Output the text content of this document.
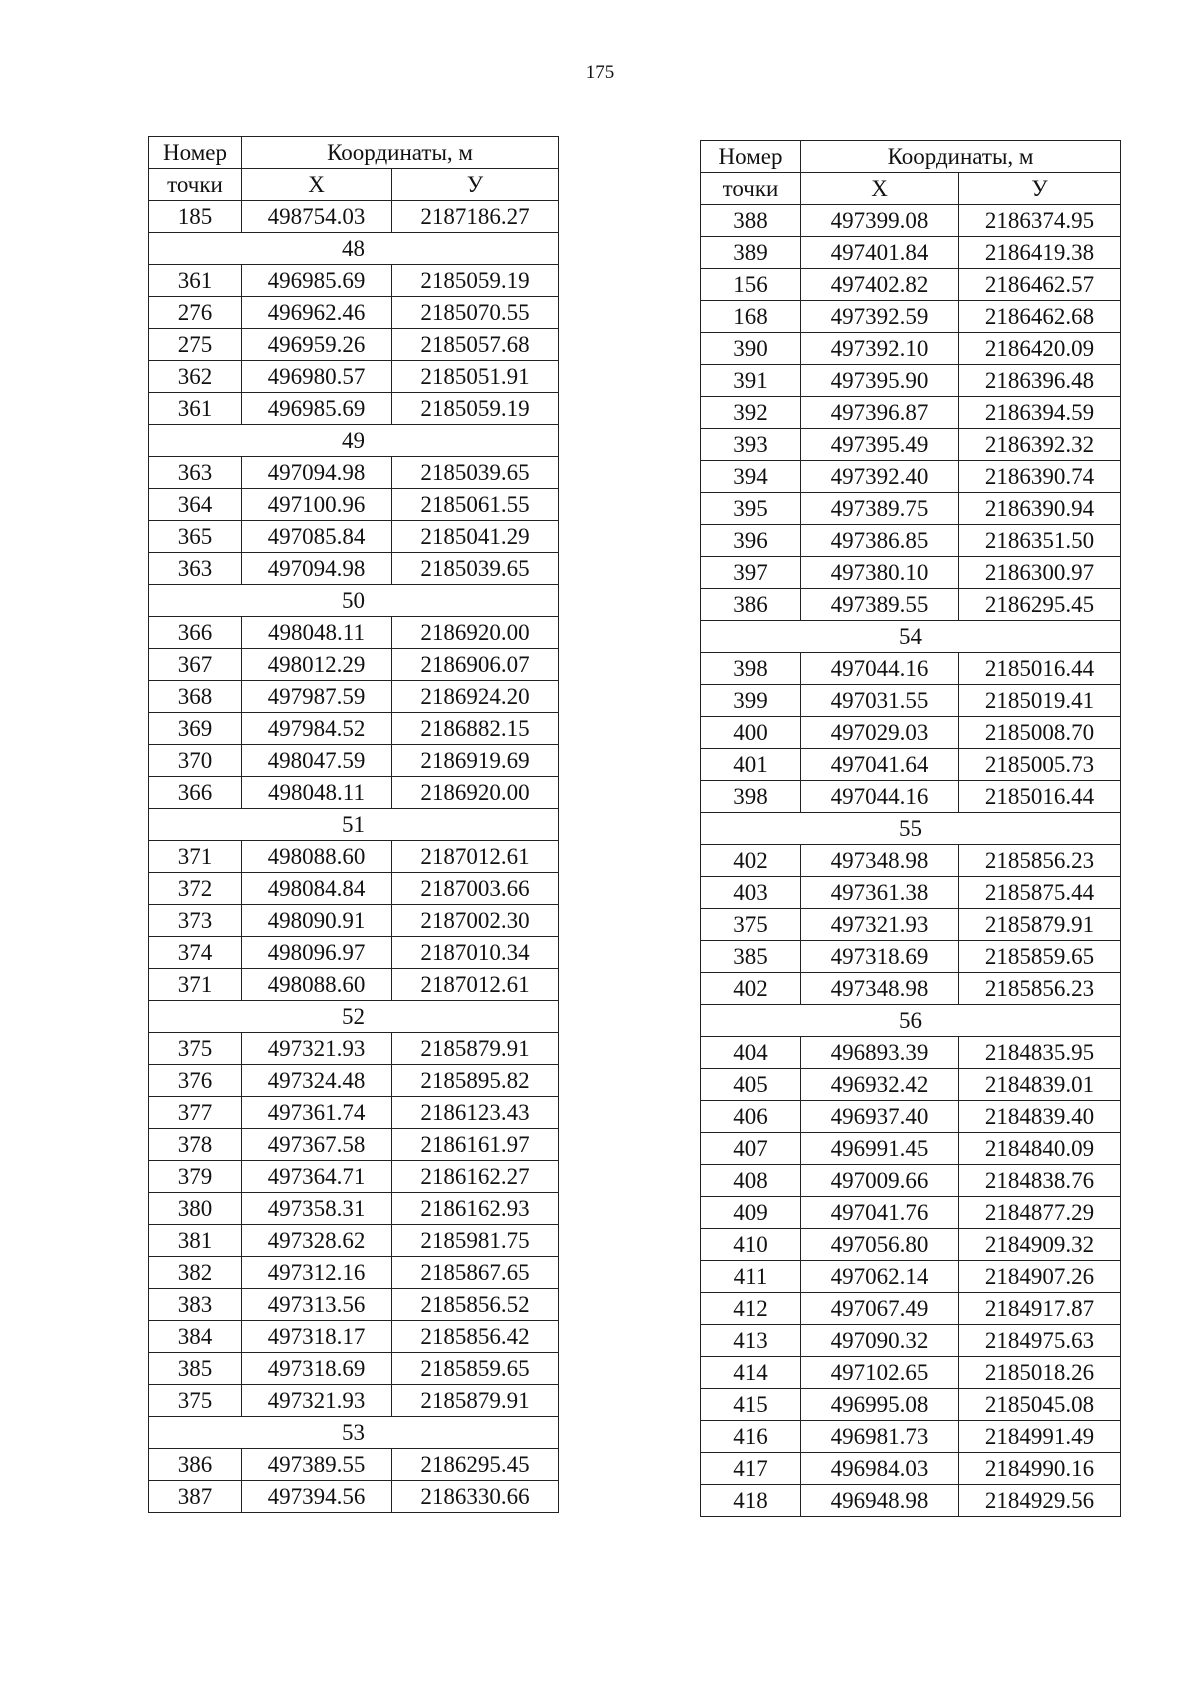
175
Номер	Координаты, м	
точки	X	У
185	498754.03	2187186.27
48		
361	496985.69	2185059.19
276	496962.46	2185070.55
275	496959.26	2185057.68
362	496980.57	2185051.91
361	496985.69	2185059.19
49		
363	497094.98	2185039.65
364	497100.96	2185061.55
365	497085.84	2185041.29
363	497094.98	2185039.65
50		
366	498048.11	2186920.00
367	498012.29	2186906.07
368	497987.59	2186924.20
369	497984.52	2186882.15
370	498047.59	2186919.69
366	498048.11	2186920.00
51		
371	498088.60	2187012.61
372	498084.84	2187003.66
373	498090.91	2187002.30
374	498096.97	2187010.34
371	498088.60	2187012.61
52		
375	497321.93	2185879.91
376	497324.48	2185895.82
377	497361.74	2186123.43
378	497367.58	2186161.97
379	497364.71	2186162.27
380	497358.31	2186162.93
381	497328.62	2185981.75
382	497312.16	2185867.65
383	497313.56	2185856.52
384	497318.17	2185856.42
385	497318.69	2185859.65
375	497321.93	2185879.91
53		
386	497389.55	2186295.45
387	497394.56	2186330.66
Номер	Координаты, м	
точки	X	У
388	497399.08	2186374.95
389	497401.84	2186419.38
156	497402.82	2186462.57
168	497392.59	2186462.68
390	497392.10	2186420.09
391	497395.90	2186396.48
392	497396.87	2186394.59
393	497395.49	2186392.32
394	497392.40	2186390.74
395	497389.75	2186390.94
396	497386.85	2186351.50
397	497380.10	2186300.97
386	497389.55	2186295.45
54		
398	497044.16	2185016.44
399	497031.55	2185019.41
400	497029.03	2185008.70
401	497041.64	2185005.73
398	497044.16	2185016.44
55		
402	497348.98	2185856.23
403	497361.38	2185875.44
375	497321.93	2185879.91
385	497318.69	2185859.65
402	497348.98	2185856.23
56		
404	496893.39	2184835.95
405	496932.42	2184839.01
406	496937.40	2184839.40
407	496991.45	2184840.09
408	497009.66	2184838.76
409	497041.76	2184877.29
410	497056.80	2184909.32
411	497062.14	2184907.26
412	497067.49	2184917.87
413	497090.32	2184975.63
414	497102.65	2185018.26
415	496995.08	2185045.08
416	496981.73	2184991.49
417	496984.03	2184990.16
418	496948.98	2184929.56
